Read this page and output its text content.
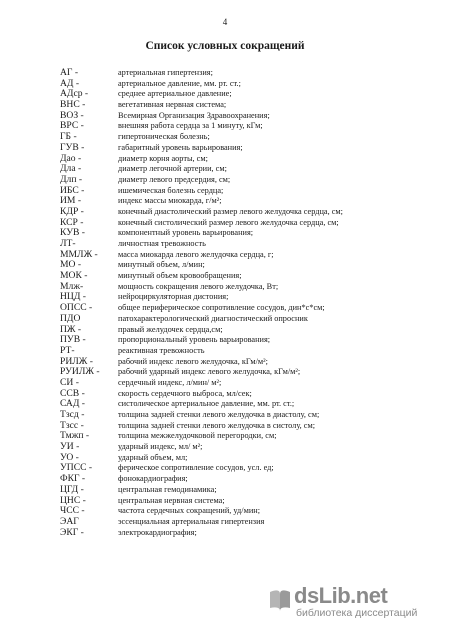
4
Список условных сокращений
АГ -	артериальная гипертензия;
АД -	артериальное давление, мм. рт. ст.;
АДср -	среднее артериальное давление;
ВНС -	вегетативная нервная система;
ВОЗ -	Всемирная Организация Здравоохранения;
ВРС -	внешняя работа сердца за 1 минуту, кГм;
ГБ -	гипертоническая болезнь;
ГУВ -	габаритный уровень варьирования;
Дао -	диаметр корня аорты, см;
Дла -	диаметр легочной артерии, см;
Длп -	диаметр левого предсердия, см;
ИБС -	ишемическая болезнь сердца;
ИМ -	индекс массы миокарда, г/м²;
КДР -	конечный диастолический размер левого желудочка сердца, см;
КСР -	конечный систолический размер левого желудочка сердца, см;
КУВ -	компонентный уровень варьирования;
ЛТ-	личностная тревожность
ММЛЖ - масса миокарда левого желудочка сердца, г;
МО -	минутный объем, л/мин;
МОК -	минутный объем кровообращения;
Млж-	мощность сокращения левого желудочка, Вт;
НЦД -	нейроциркуляторная дистония;
ОПСС -	общее периферическое сопротивление сосудов, дин*с*см;
ПДО	патохарактерологический диагностический опросник
ПЖ -	правый желудочек сердца,см;
ПУВ -	пропорциональный уровень варьирования;
РТ-	реактивная тревожность
РИЛЖ -	рабочий индекс левого желудочка, кГм/м²;
РУИЛЖ - рабочий ударный индекс левого желудочка, кГм/м²;
СИ -	сердечный индекс, л/мин/ м²;
ССВ -	скорость сердечного выброса, мл/сек;
САД -	систолическое артериальное давление, мм. рт. ст.;
Тзсд -	толщина задней стенки левого желудочка в диастолу, см;
Тзсс -	толщина задней стенки левого желудочка в систолу, см;
Тмжп -	толщина межжелудочковой перегородки, см;
УИ -	ударный индекс, мл/ м²;
УО -	ударный объем, мл;
УПСС -	ферическое сопротивление сосудов, усл. ед;
ФКГ -	фонокардиография;
ЦГД -	центральная гемодинамика;
ЦНС -	центральная нервная система;
ЧСС -	частота сердечных сокращений, уд/мин;
ЭАГ	эссенциальная артериальная гипертензия
ЭКГ -	электрокардиография;
dsLib.net
библиотека диссертаций
